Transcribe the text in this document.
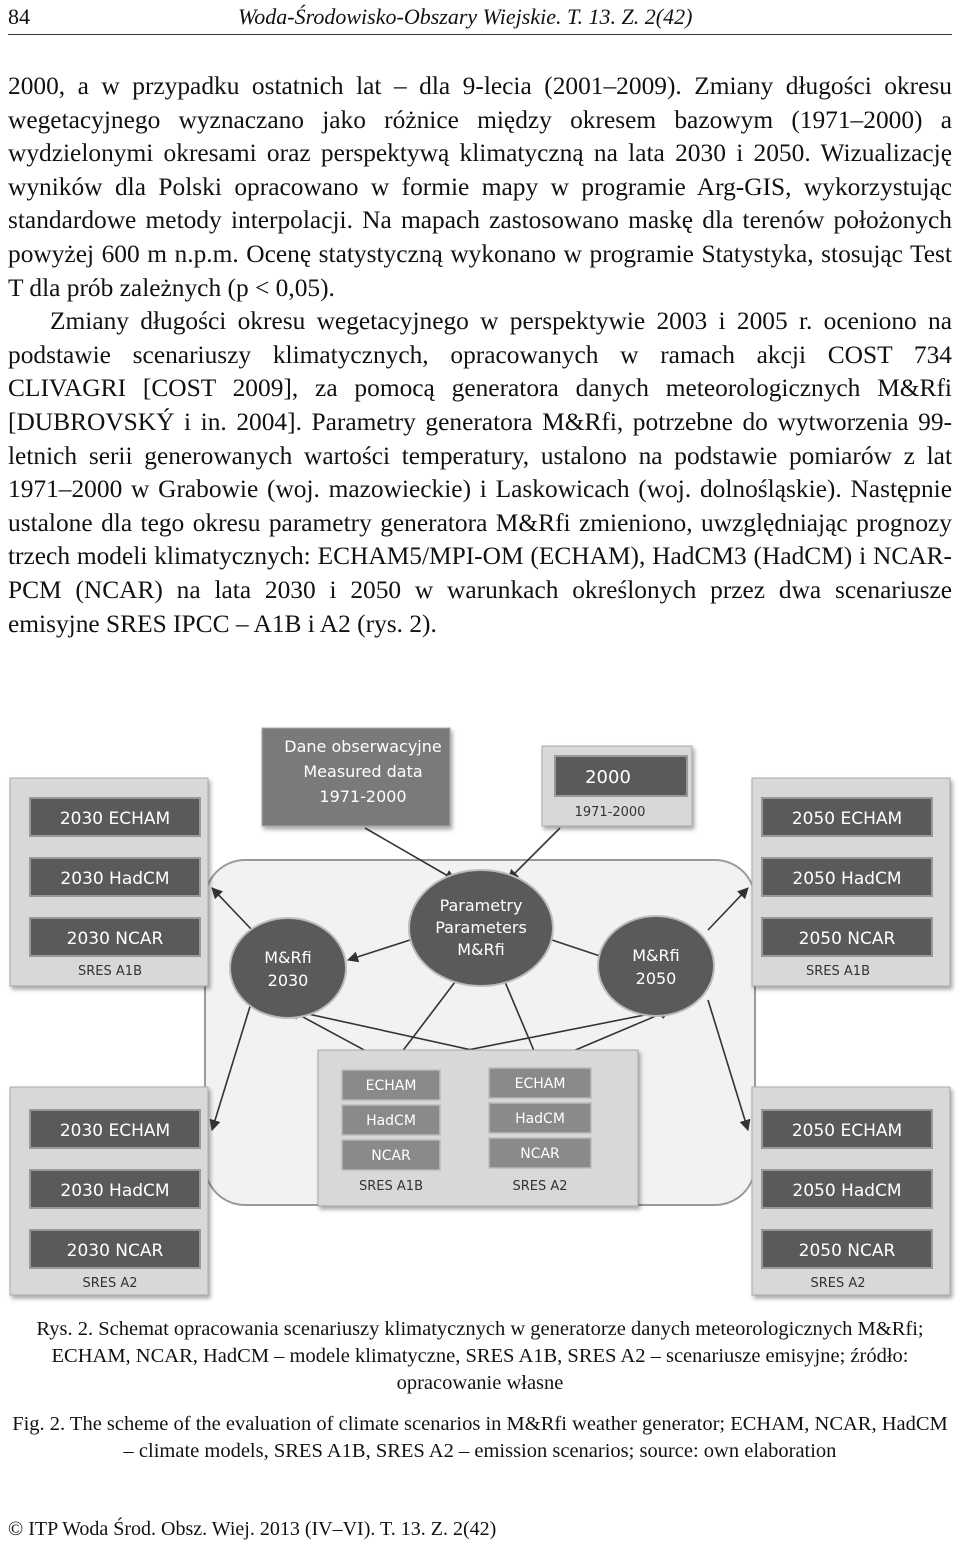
84	Woda-Środowisko-Obszary Wiejskie. T. 13. Z. 2(42)

2000, a w przypadku ostatnich lat – dla 9-lecia (2001–2009). Zmiany długości okresu wegetacyjnego wyznaczano jako różnice między okresem bazowym (1971–2000) a wydzielonymi okresami oraz perspektywą klimatyczną na lata 2030 i 2050. Wizualizację wyników dla Polski opracowano w formie mapy w programie Arg-GIS, wykorzystując standardowe metody interpolacji. Na mapach zastosowano maskę dla terenów położonych powyżej 600 m n.p.m. Ocenę statystyczną wykonano w programie Statystyka, stosując Test T dla prób zależnych (p < 0,05).

Zmiany długości okresu wegetacyjnego w perspektywie 2003 i 2005 r. oceniono na podstawie scenariuszy klimatycznych, opracowanych w ramach akcji COST 734 CLIVAGRI [COST 2009], za pomocą generatora danych meteorologicznych M&Rfi [DUBROVSKÝ i in. 2004]. Parametry generatora M&Rfi, potrzebne do wytworzenia 99-letnich serii generowanych wartości temperatury, ustalono na podstawie pomiarów z lat 1971–2000 w Grabowie (woj. mazowieckie) i Laskowicach (woj. dolnośląskie). Następnie ustalone dla tego okresu parametry generatora M&Rfi zmieniono, uwzględniając prognozy trzech modeli klimatycznych: ECHAM5/MPI-OM (ECHAM), HadCM3 (HadCM) i NCAR-PCM (NCAR) na lata 2030 i 2050 w warunkach określonych przez dwa scenariusze emisyjne SRES IPCC – A1B i A2 (rys. 2).

2030 ECHAM
2030 HadCM
2030 NCAR
SRES A1B
2030 ECHAM
2030 HadCM
2030 NCAR
SRES A2
2050 ECHAM
2050 HadCM
2050 NCAR
SRES A1B
2050 ECHAM
2050 HadCM
2050 NCAR
SRES A2
Dane obserwacyjne
Measured data
1971-2000
2000
1971-2000
M&Rfi
2030
Parametry
Parameters
M&Rfi	M&Rfi
2050
ECHAM
HadCM
NCAR
SRES A1B
ECHAM
HadCM
NCAR
SRES A2

Rys. 2. Schemat opracowania scenariuszy klimatycznych w generatorze danych meteorologicznych M&Rfi; ECHAM, NCAR, HadCM – modele klimatyczne, SRES A1B, SRES A2 – scenariusze emisyjne; źródło: opracowanie własne

Fig. 2. The scheme of the evaluation of climate scenarios in M&Rfi weather generator; ECHAM, NCAR, HadCM – climate models, SRES A1B, SRES A2 – emission scenarios; source: own elaboration

© ITP Woda Środ. Obsz. Wiej. 2013 (IV–VI). T. 13. Z. 2(42)
